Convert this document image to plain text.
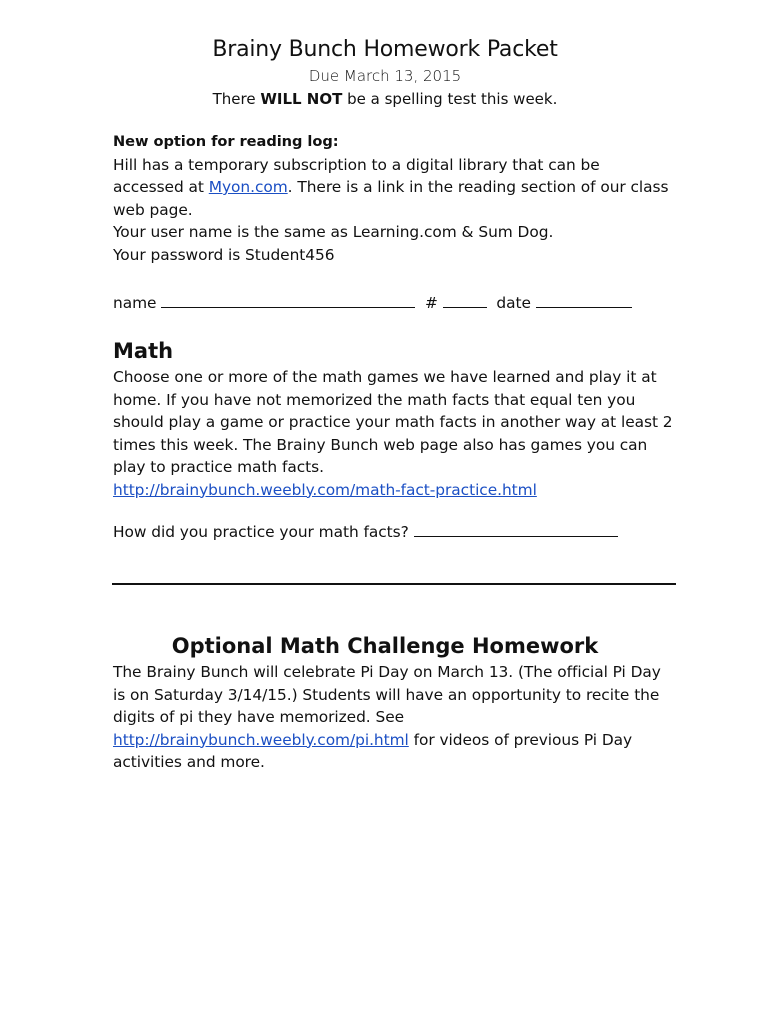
Brainy Bunch Homework Packet
Due March 13, 2015
There WILL NOT be a spelling test this week.

New option for reading log:

Hill has a temporary subscription to a digital library that can be accessed at Myon.com. There is a link in the reading section of our class web page.

Your user name is the same as Learning.com & Sum Dog.

Your password is Student456

name	#	date
Math

Choose one or more of the math games we have learned and play it at home. If you have not memorized the math facts that equal ten you should play a game or practice your math facts in another way at least 2 times this week. The Brainy Bunch web page also has games you can play to practice math facts.

http://brainybunch.weebly.com/math-fact-practice.html

How did you practice your math facts?

Optional Math Challenge Homework

The Brainy Bunch will celebrate Pi Day on March 13. (The official Pi Day is on Saturday 3/14/15.) Students will have an opportunity to recite the digits of pi they have memorized. See http://brainybunch.weebly.com/pi.html for videos of previous Pi Day activities and more.
